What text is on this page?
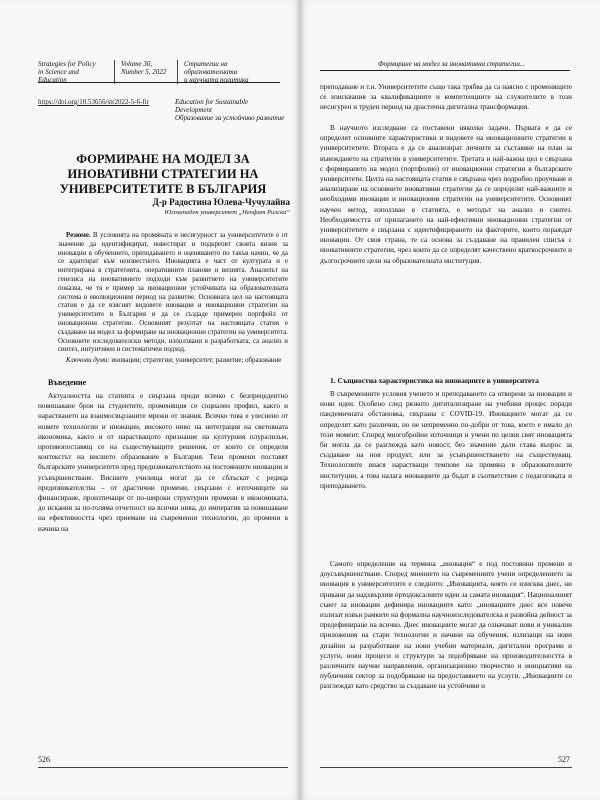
Strategies for Policy
in Science and Education
Volume 30,
Number 5, 2022
Стратегии на образователната
и научната политика
https://doi.org/10.53656/str2022-5-6-fir	Education for Sustainable Development
Образование за устойчиво развитие
ФОРМИРАНЕ НА МОДЕЛ ЗА ИНОВАТИВНИ СТРАТЕГИИ НА УНИВЕРСИТЕТИТЕ В БЪЛГАРИЯ
Д-р Радостина Юлева-Чучулайна
Югозападен университет „Неофит Рилски“
Резюме. В условията на промяната и несигурност за университетите е от значение да идентифицират, инвестират и подкрепят своята визия за иновации в обучението, преподаването и оценяването по такъв начин, че да се адаптират към неизвестното. Иновацията е част от културата и е интегрирана в стратегията, оперативните планове и визията. Анализът на генезиса на иновативните подходи към развитието на университетите показва, че тя е пример за иновационни устойчивата на образователната система в еволюционния период на развитие. Основната цел на настоящата статия е да се изяснят видовете иновации и иновационни стратегии на университетите в България и да се създаде примерен портфейл от иновационни стратегии. Основният резултат на настоящата статия е създаване на модел за формиране на иновационни стратегии на университета. Основните изследователски методи, използвани в разработката, са анализ и синтез, интуитивен и систематичен подход.
Ключови думи: иновации; стратегии; университет; развитие; образование
Въведение
Актуалността на статията е свързана преди всичко с безпрецедентно повишаване броя на студентите, променящия се социален профил, както и нарастването на взаимосвързаните мрежи от знания. Всичко това е улеснено от новите технологии и иновации, високото ниво на интеграция на световната икономика, както и от нарастващото признание на културния плурализъм, противопоставящ се на съществуващите решения, от които се определя контекстът на висшето образование в България. Тези промени поставят българските университети пред предизвикателството на постоянните иновации и усъвършенстване. Висшите училища могат да се сблъскат с редица предизвикателства – от драстични промени, свързани с източниците на финансиране, произтичащи от по-широки структурни промени в икономиката, до искания за по-голяма отчетност на всички нива, до императив за повишаване на ефективността чрез приемане на съвременни технологии, до промени в начина на
526
Формиране на модел за иновативни стратегии...
преподаване и т.н. Университетите също така трябва да са наясно с променящите се изисквания за квалификациите и компетенциите на служителите в този несигурен и труден период на драстична дигитална трансформация.
В научното изследване са поставени няколко задачи. Първата е да се определят основните характеристики и видовете на иновационните стратегии в университетите. Втората е да се анализират личните за съставяне на план за въвеждането на стратегии в университетите. Третата и най-важна цел е свързана с формирането на модел (портфолио) от иновационни стратегии в българските университети. Целта на настоящата статия е свързана чрез подробно проучване и анализиране на основните иновативни стратегии да се определят най-важните и необходими иновации и иновационни стратегии на университетите. Основният научен метод, използван в статията, е методът на анализ и синтез. Необходимостта от прилагането на най-ефективни иновационни стратегии от университетите е свързана с идентифицирането на факторите, които пораждат иновации. От своя страна, те са основа за създаване на правилен списък с иновативните стратегии, чрез които да се определят качествено краткосрочните и дългосрочните цели на образователната институция.
1. Същностна характеристика на иновациите в университета
В съвременните условия ученето и преподаването са отворени за иновации и нови идеи. Особено след рязкото дигитализиране на учебния процес поради пандемичната обстановка, свързана с COVID-19. Иновациите могат да се определят като различни, но не непременно по-добри от това, което е имало до този момент. Според многобройни източници и учени по целия свят иновацията би могла да се разглежда като новост, без значение дали става въпрос за създаване на нов продукт, или за усъвършенстването на съществуващ. Технологиите внася нарастващи темпове на промяна в образователните институции, а това налага иновациите да бъдат в съответствие с педагогиката и преподаването.
Самото определение на термина „иновация“ е под постоянни промени и доусъвършенстване. Според мнението на съвременните учени определението за иновация в университетите е следното: „Иновацията, която се изисква днес, ни прикани да надхвърлим ортодоксалните идеи за самата иновация“. Националният съвет за иновации дефинира иновациите като: „иновациите днес все повече излизат извън рамките на формална научноизследователска и развойна дейност за предефиниране на всичко. Днес иновациите могат да означават нови и уникални приложения на стари технологии и начини на обучения, излизащи на нови дизайни за разработване на нови учебни материали, дигитални програми и услуги, нови процеси и структури за подобряване на производителността в различните научни направления, организационно творчество и инициативи на публичния сектор за подобряване на предоставянето на услуги. „Иновациите се разглеждат като средство за създаване на устойчиви и
527
